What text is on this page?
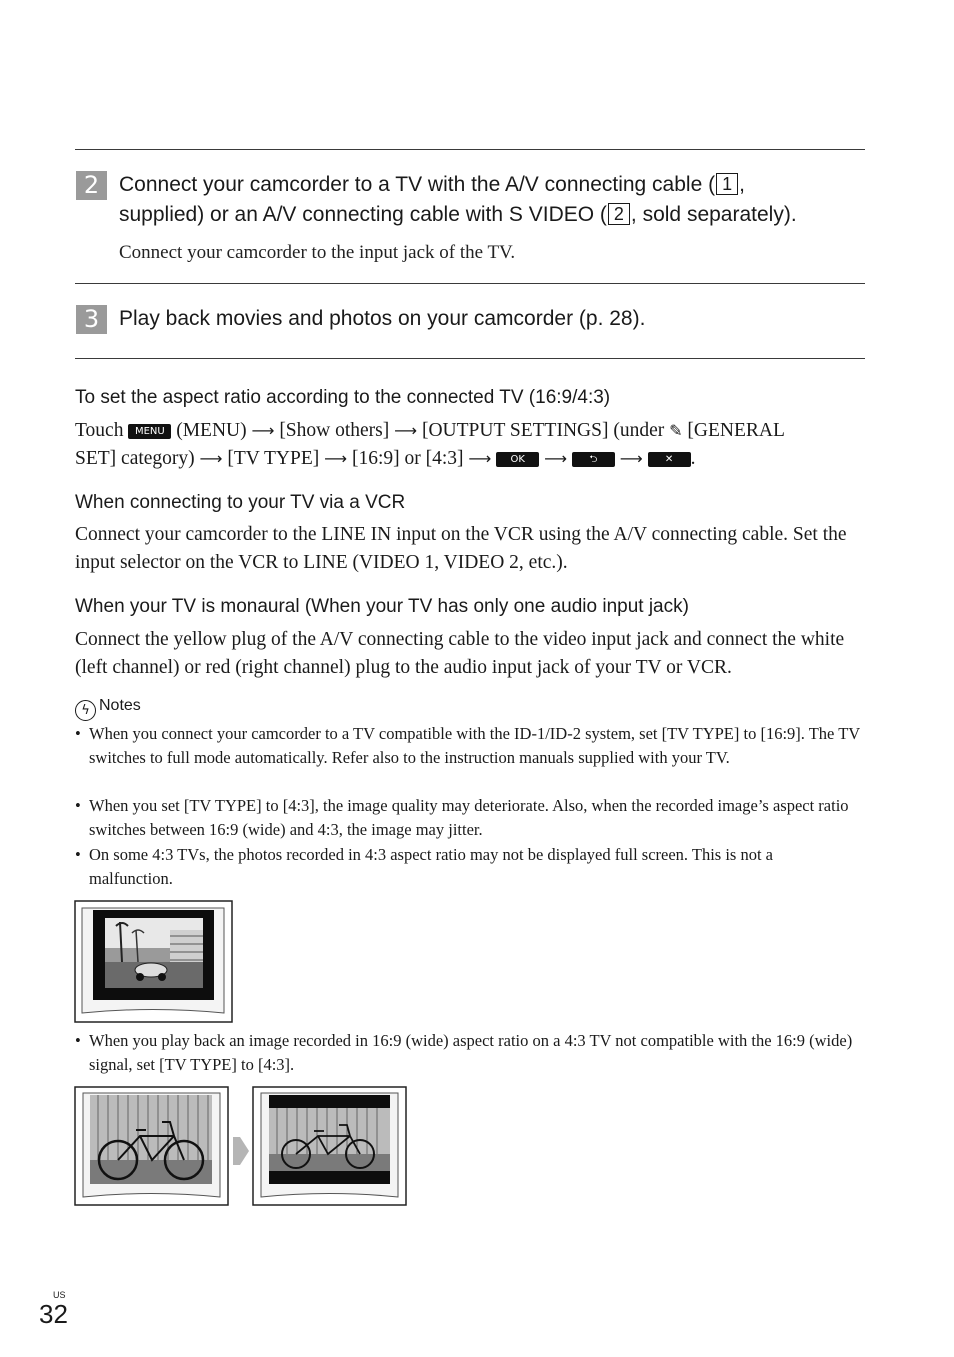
2 Connect your camcorder to a TV with the A/V connecting cable ( 1 ,
supplied) or an A/V connecting cable with S VIDEO ( 2 , sold separately).
Connect your camcorder to the input jack of the TV.
3 Play back movies and photos on your camcorder (p. 28).
To set the aspect ratio according to the connected TV (16:9/4:3)
Touch MENU (MENU) ⟶ [Show others] ⟶ [OUTPUT SETTINGS] (under ✎ [GENERAL
SET] category) ⟶ [TV TYPE] ⟶ [16:9] or [4:3] ⟶ OK ⟶ ⮌ ⟶ ✕ .
When connecting to your TV via a VCR
Connect your camcorder to the LINE IN input on the VCR using the A/V connecting cable. Set the input selector on the VCR to LINE (VIDEO 1, VIDEO 2, etc.).
When your TV is monaural (When your TV has only one audio input jack)
Connect the yellow plug of the A/V connecting cable to the video input jack and connect the white (left channel) or red (right channel) plug to the audio input jack of your TV or VCR.
ϟ Notes
• When you connect your camcorder to a TV compatible with the ID-1/ID-2 system, set [TV TYPE] to [16:9]. The TV switches to full mode automatically. Refer also to the instruction manuals supplied with your TV.
• When you set [TV TYPE] to [4:3], the image quality may deteriorate. Also, when the recorded image’s aspect ratio switches between 16:9 (wide) and 4:3, the image may jitter.
• On some 4:3 TVs, the photos recorded in 4:3 aspect ratio may not be displayed full screen. This is not a malfunction.
• When you play back an image recorded in 16:9 (wide) aspect ratio on a 4:3 TV not compatible with the 16:9 (wide) signal, set [TV TYPE] to [4:3].
US
32
